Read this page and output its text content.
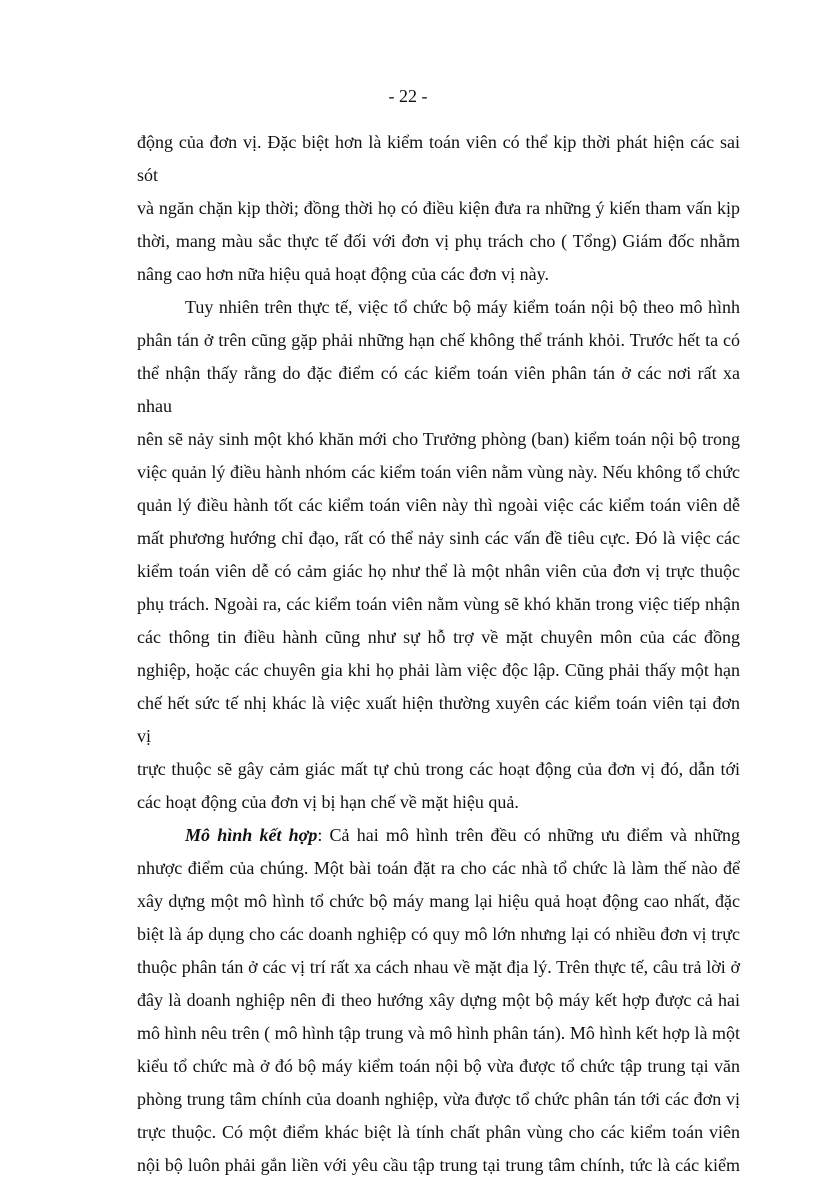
- 22 -
động của đơn vị. Đặc biệt hơn là kiểm toán viên có thể kịp thời phát hiện các sai sót
và ngăn chặn kịp thời; đồng thời họ có điều kiện đưa ra những ý kiến tham vấn kịp
thời, mang màu sắc thực tế đối với đơn vị phụ trách cho ( Tổng) Giám đốc nhằm
nâng cao hơn nữa hiệu quả hoạt động của các đơn vị này.
Tuy nhiên trên thực tế, việc tổ chức bộ máy kiểm toán nội bộ theo mô hình
phân tán ở trên cũng gặp phải những hạn chế không thể tránh khỏi. Trước hết ta có
thể nhận thấy rằng do đặc điểm có các kiểm toán viên phân tán ở các nơi rất xa nhau
nên sẽ nảy sinh một khó khăn mới cho Trưởng phòng (ban) kiểm toán nội bộ trong
việc quản lý điều hành nhóm các kiểm toán viên nằm vùng này. Nếu không tổ chức
quản lý điều hành tốt các kiểm toán viên này thì ngoài việc các kiểm toán viên dễ
mất phương hướng chỉ đạo, rất có thể nảy sinh các vấn đề tiêu cực. Đó là việc các
kiểm toán viên dễ có cảm giác họ như thể là một nhân viên của đơn vị trực thuộc
phụ trách. Ngoài ra, các kiểm toán viên nằm vùng sẽ khó khăn trong việc tiếp nhận
các thông tin điều hành cũng như sự hỗ trợ về mặt chuyên môn của các đồng
nghiệp, hoặc các chuyên gia khi họ phải làm việc độc lập. Cũng phải thấy một hạn
chế hết sức tế nhị khác là việc xuất hiện thường xuyên các kiểm toán viên tại đơn vị
trực thuộc sẽ gây cảm giác mất tự chủ trong các hoạt động của đơn vị đó, dẫn tới
các hoạt động của đơn vị bị hạn chế về mặt hiệu quả.
Mô hình kết hợp: Cả hai mô hình trên đều có những ưu điểm và những
nhược điểm của chúng. Một bài toán đặt ra cho các nhà tổ chức là làm thế nào để
xây dựng một mô hình tổ chức bộ máy mang lại hiệu quả hoạt động cao nhất, đặc
biệt là áp dụng cho các doanh nghiệp có quy mô lớn nhưng lại có nhiều đơn vị trực
thuộc phân tán ở các vị trí rất xa cách nhau về mặt địa lý. Trên thực tế, câu trả lời ở
đây là doanh nghiệp nên đi theo hướng xây dựng một bộ máy kết hợp được cả hai
mô hình nêu trên ( mô hình tập trung và mô hình phân tán). Mô hình kết hợp là một
kiểu tổ chức mà ở đó bộ máy kiểm toán nội bộ vừa được tổ chức tập trung tại văn
phòng trung tâm chính của doanh nghiệp, vừa được tổ chức phân tán tới các đơn vị
trực thuộc. Có một điểm khác biệt là tính chất phân vùng cho các kiểm toán viên
nội bộ luôn phải gắn liền với yêu cầu tập trung tại trung tâm chính, tức là các kiểm
